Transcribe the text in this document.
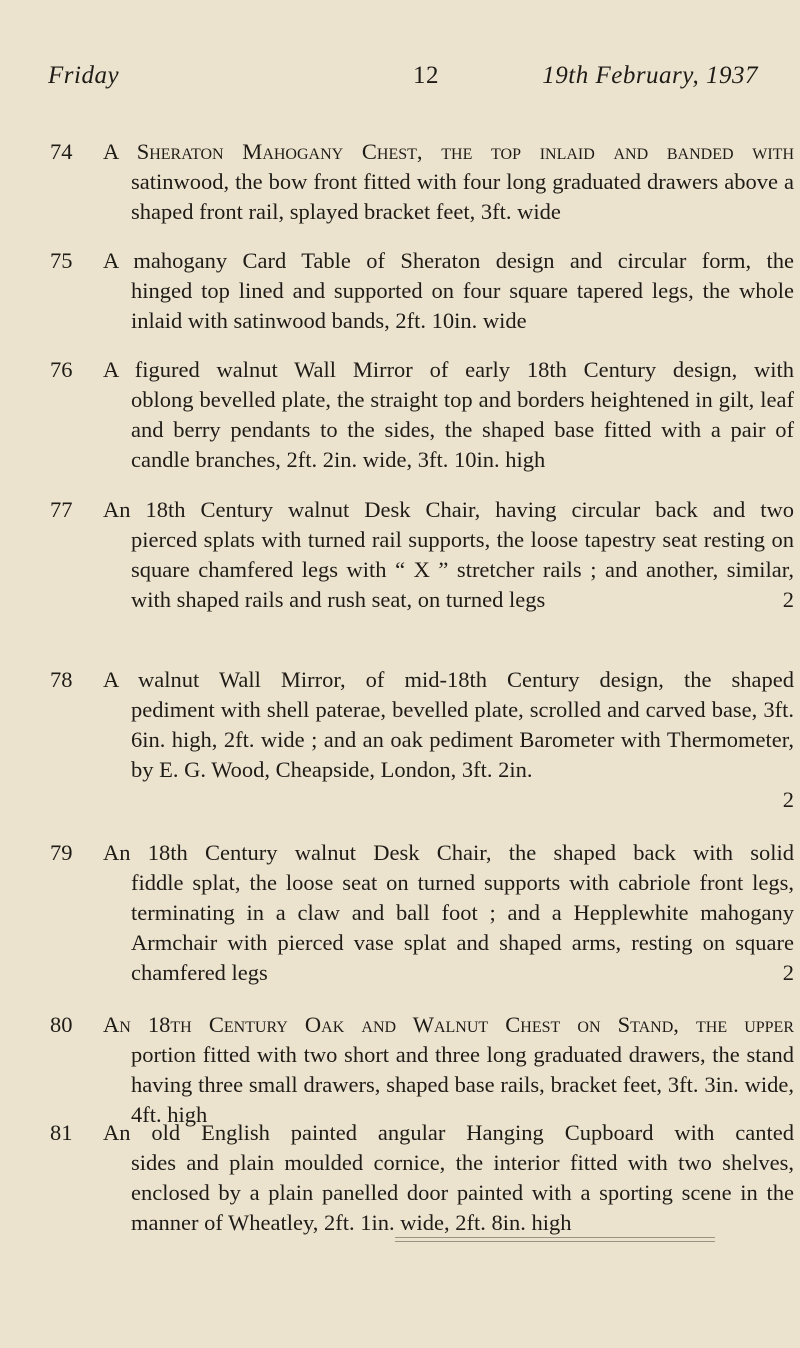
Friday	12	19th February, 1937
74	A Sheraton Mahogany Chest, the top inlaid and banded with
satinwood, the bow front fitted with four long graduated drawers above a shaped front rail, splayed bracket feet, 3ft. wide
75	A mahogany Card Table of Sheraton design and circular form, the
hinged top lined and supported on four square tapered legs, the whole inlaid with satinwood bands, 2ft. 10in. wide
76	A figured walnut Wall Mirror of early 18th Century design, with
oblong bevelled plate, the straight top and borders heightened in gilt, leaf and berry pendants to the sides, the shaped base fitted with a pair of candle branches, 2ft. 2in. wide, 3ft. 10in. high
77	An 18th Century walnut Desk Chair, having circular back and two
pierced splats with turned rail supports, the loose tapestry seat resting on square chamfered legs with “ X ” stretcher rails ; and another, similar, with shaped rails and rush seat, on turned legs	2
78	A walnut Wall Mirror, of mid-18th Century design, the shaped
pediment with shell paterae, bevelled plate, scrolled and carved base, 3ft. 6in. high, 2ft. wide ; and an oak pediment Barometer with Thermometer, by E. G. Wood, Cheapside, London, 3ft. 2in.

2
79	An 18th Century walnut Desk Chair, the shaped back with solid
fiddle splat, the loose seat on turned supports with cabriole front legs, terminating in a claw and ball foot ; and a Hepplewhite mahogany Armchair with pierced vase splat and shaped arms, resting on square chamfered legs	2
80	An 18th Century Oak and Walnut Chest on Stand, the upper
portion fitted with two short and three long graduated drawers, the stand having three small drawers, shaped base rails, bracket feet, 3ft. 3in. wide, 4ft. high
81	An old English painted angular Hanging Cupboard with canted
sides and plain moulded cornice, the interior fitted with two shelves, enclosed by a plain panelled door painted with a sporting scene in the manner of Wheatley, 2ft. 1in. wide, 2ft. 8in. high
